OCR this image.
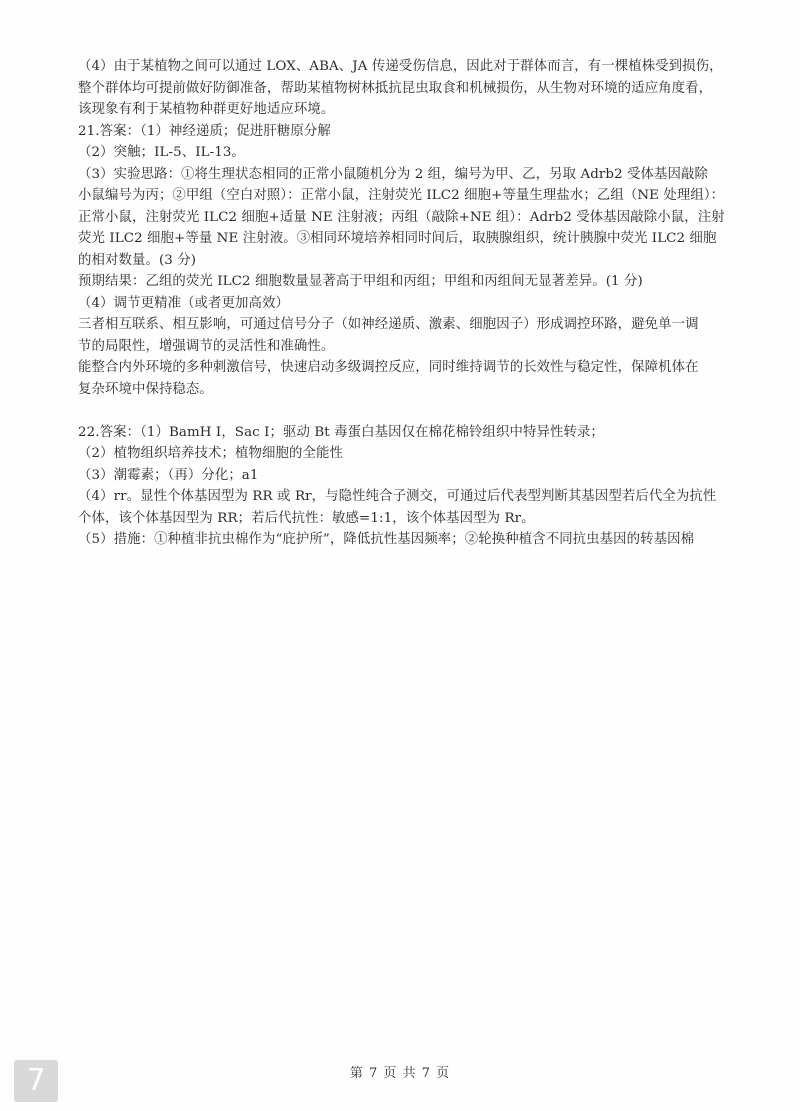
（4）由于某植物之间可以通过 LOX、ABA、JA 传递受伤信息，因此对于群体而言，有一棵植株受到损伤，
整个群体均可提前做好防御准备，帮助某植物树林抵抗昆虫取食和机械损伤，从生物对环境的适应角度看，
该现象有利于某植物种群更好地适应环境。
21.答案：（1）神经递质；促进肝糖原分解
（2）突触；IL-5、IL-13。
（3）实验思路：①将生理状态相同的正常小鼠随机分为 2 组，编号为甲、乙，另取 Adrb2 受体基因敲除
小鼠编号为丙；②甲组（空白对照）：正常小鼠，注射荧光 ILC2 细胞+等量生理盐水；乙组（NE 处理组）：
正常小鼠，注射荧光 ILC2 细胞+适量 NE 注射液；丙组（敲除+NE 组）：Adrb2 受体基因敲除小鼠，注射
荧光 ILC2 细胞+等量 NE 注射液。③相同环境培养相同时间后，取胰腺组织，统计胰腺中荧光 ILC2 细胞
的相对数量。(3 分)
预期结果：乙组的荧光 ILC2 细胞数量显著高于甲组和丙组；甲组和丙组间无显著差异。(1 分)
（4）调节更精准（或者更加高效）
三者相互联系、相互影响，可通过信号分子（如神经递质、激素、细胞因子）形成调控环路，避免单一调
节的局限性，增强调节的灵活性和准确性。
能整合内外环境的多种刺激信号，快速启动多级调控反应，同时维持调节的长效性与稳定性，保障机体在
复杂环境中保持稳态。
22.答案：（1）BamH Ⅰ，Sac Ⅰ；驱动 Bt 毒蛋白基因仅在棉花棉铃组织中特异性转录；
（2）植物组织培养技术；植物细胞的全能性
（3）潮霉素；（再）分化；a1
（4）rr。显性个体基因型为 RR 或 Rr，与隐性纯合子测交，可通过后代表型判断其基因型若后代全为抗性
个体，该个体基因型为 RR；若后代抗性：敏感=1:1，该个体基因型为 Rr。
（5）措施：①种植非抗虫棉作为“庇护所”，降低抗性基因频率；②轮换种植含不同抗虫基因的转基因棉
第 7 页 共 7 页
7
